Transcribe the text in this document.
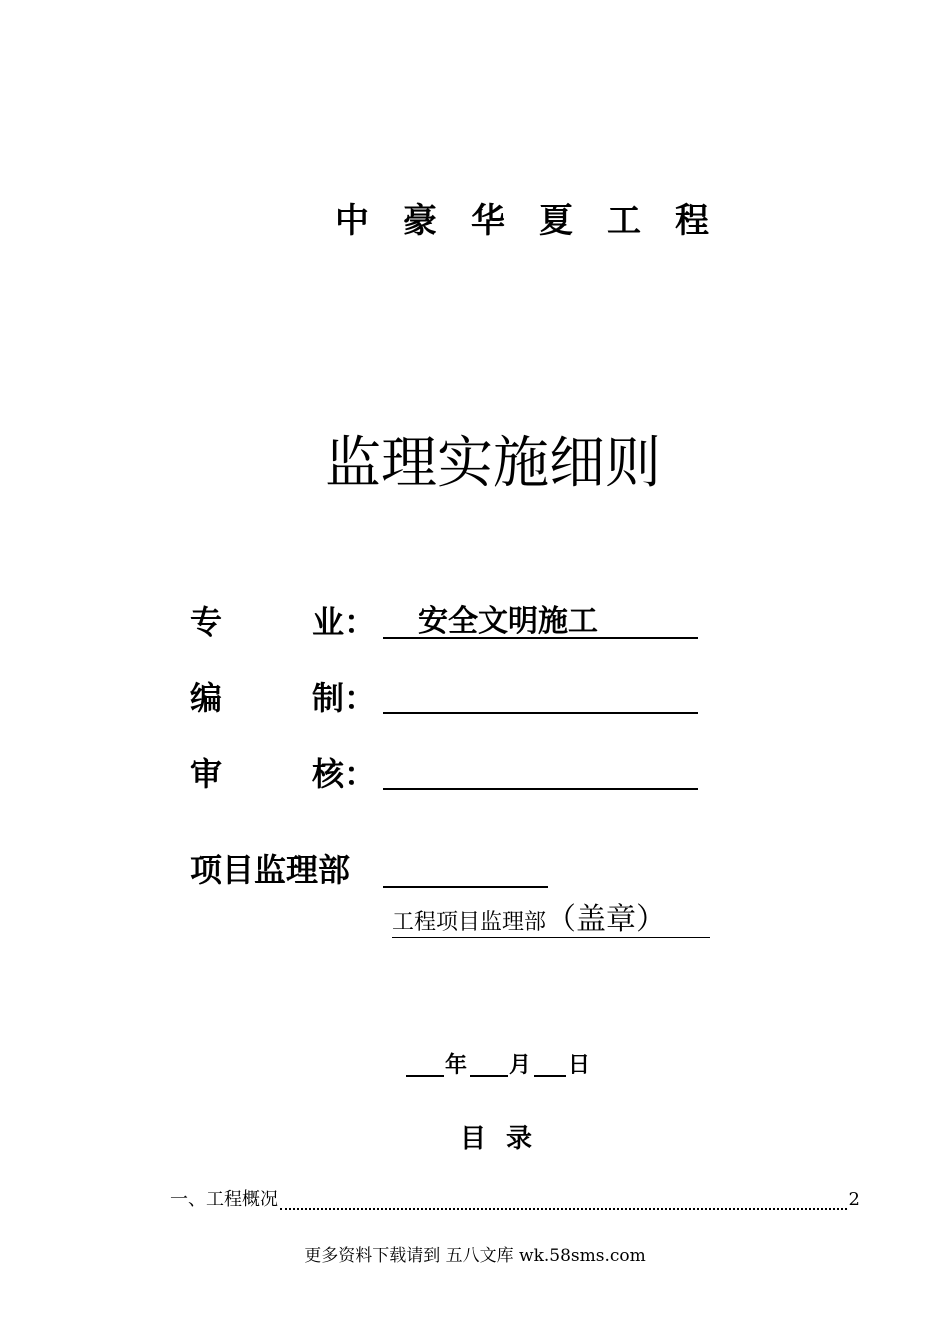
中豪华夏工程
监理实施细则
专	业 ： 安全文明施工
编	制 ：
审	核 ：
项目监理部
工程项目监理部（盖章）
年 月 日
目录
一、工程概况	2
更多资料下载请到 五八文库 wk.58sms.com
